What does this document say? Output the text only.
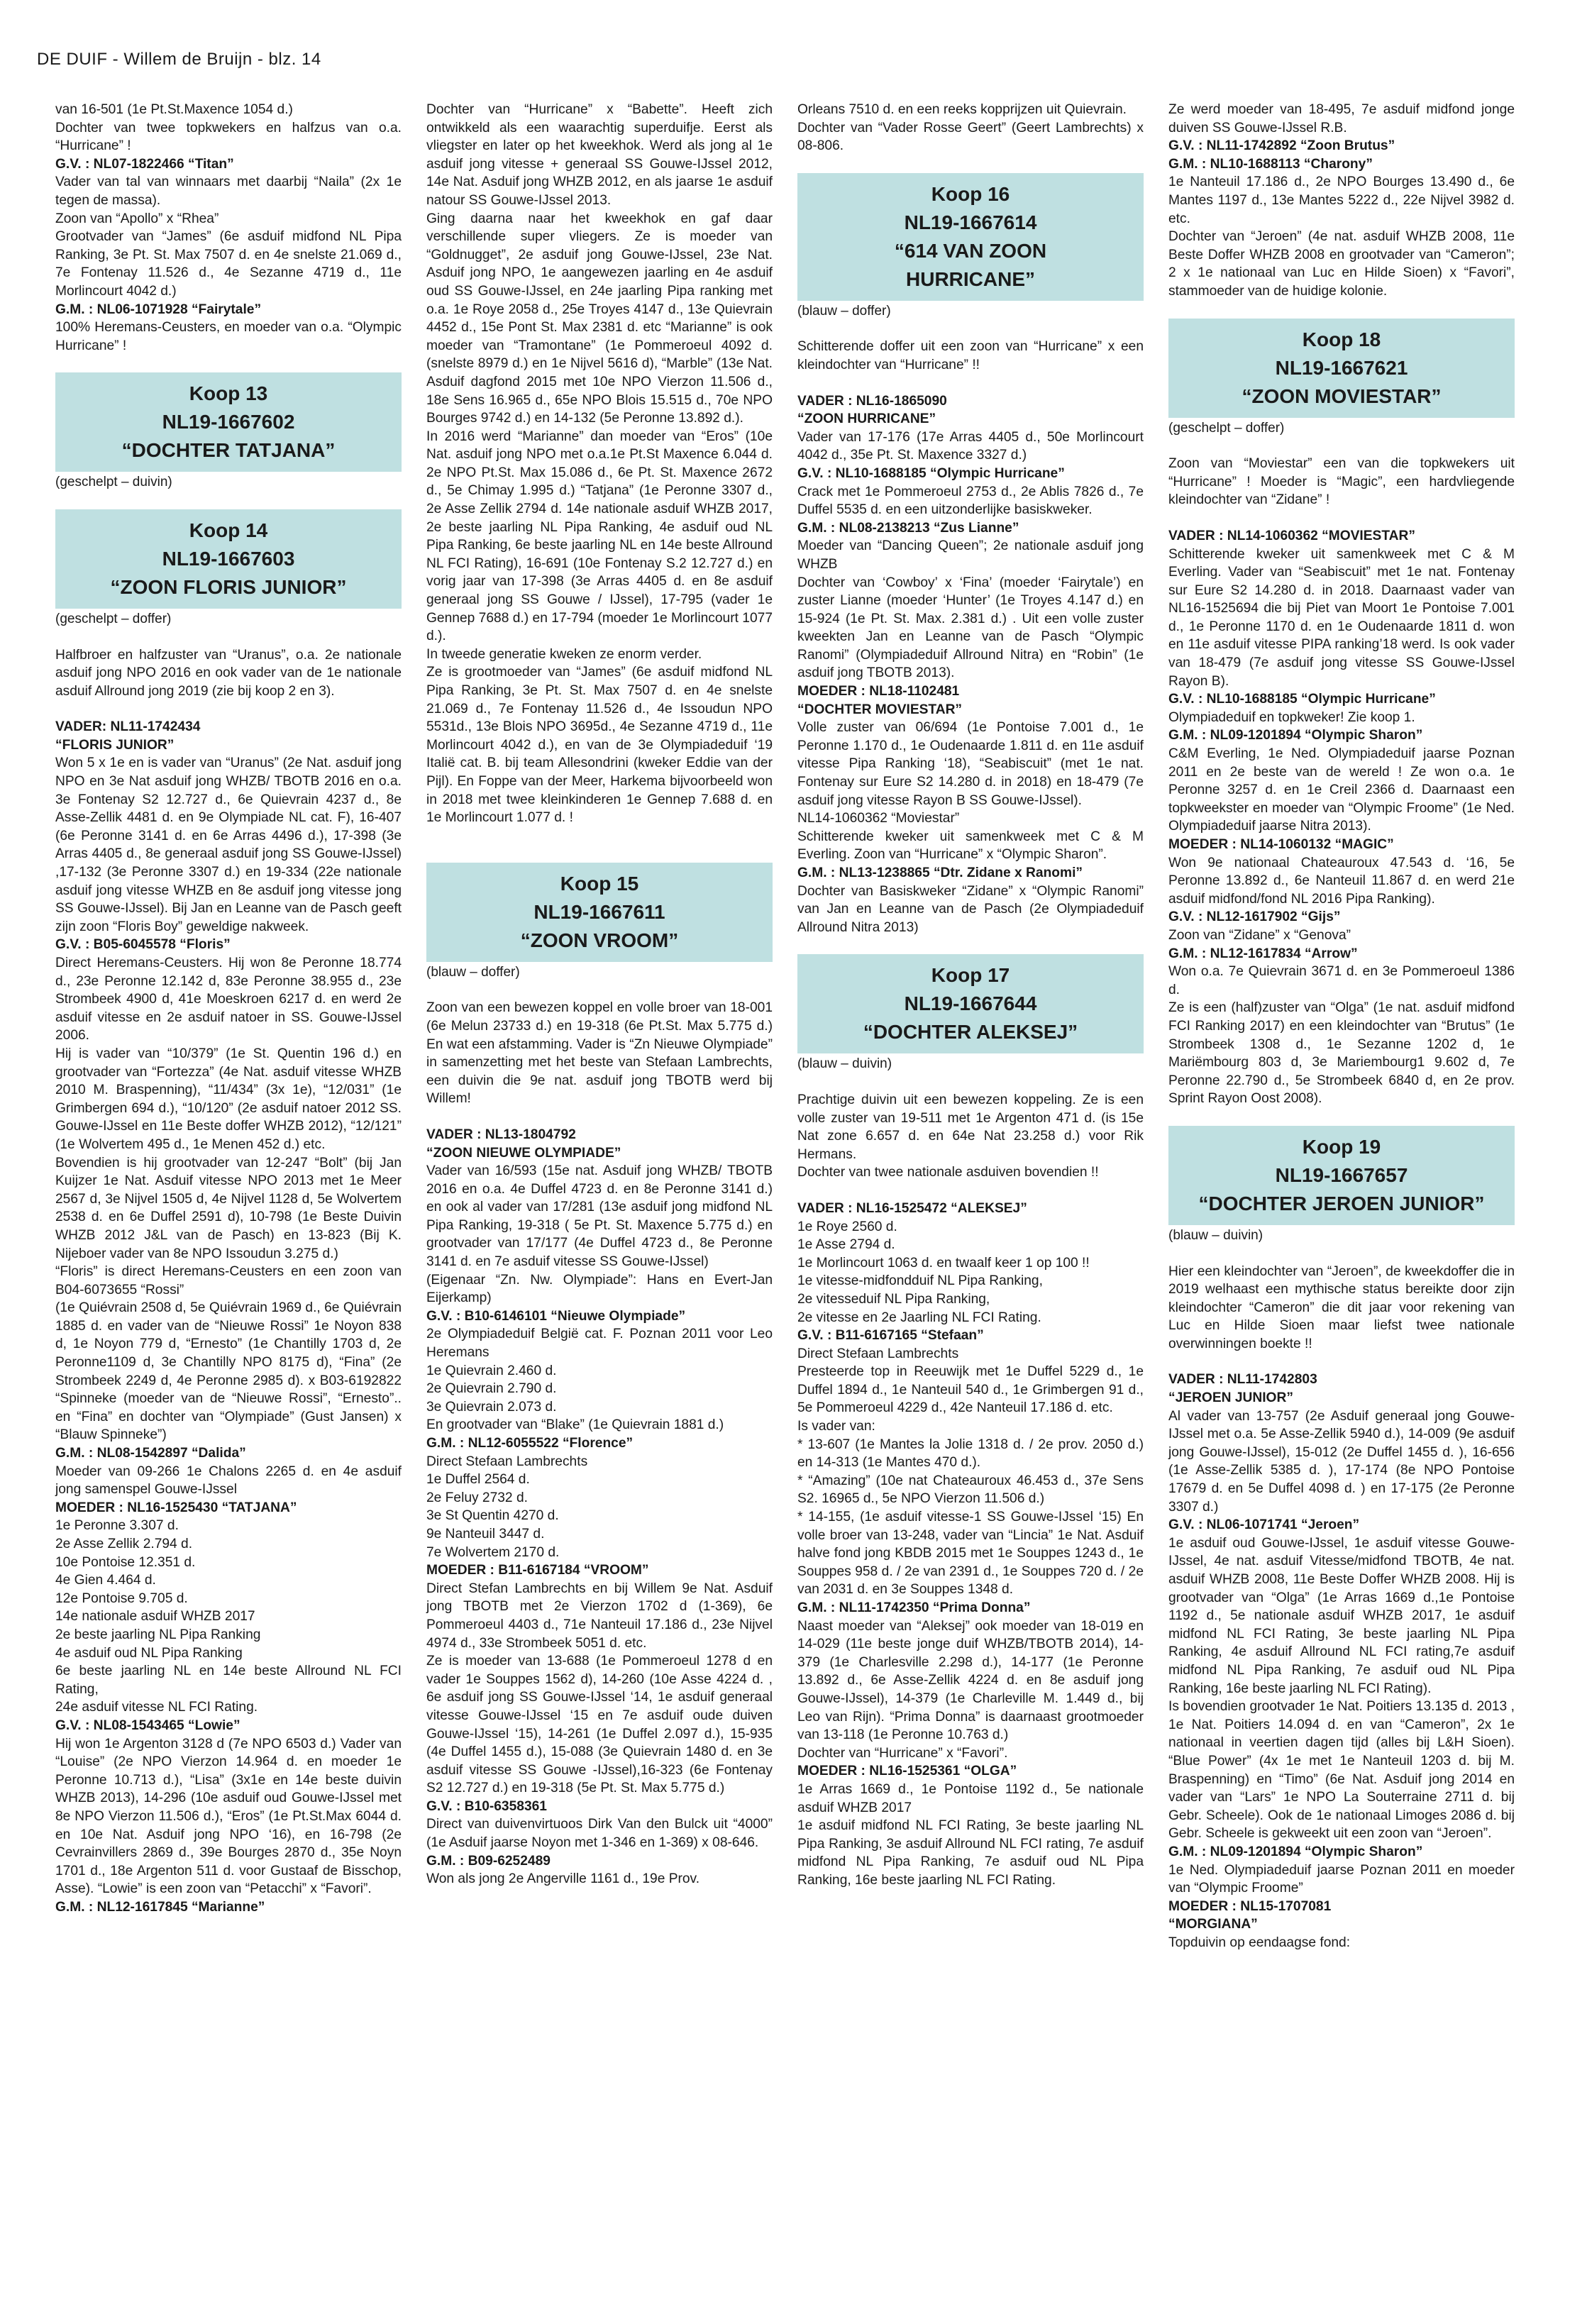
DE DUIF - Willem de Bruijn - blz. 14

van 16-501 (1e Pt.St.Maxence 1054 d.)
Dochter van twee topkwekers en halfzus van o.a. “Hurricane” !

G.V. : NL07-1822466 “Titan”

Vader van tal van winnaars met daarbij “Naila” (2x 1e tegen de massa).
Zoon van “Apollo” x “Rhea”
Grootvader van “James” (6e asduif midfond NL Pipa Ranking, 3e Pt. St. Max 7507 d. en 4e snelste 21.069 d., 7e Fontenay 11.526 d., 4e Sezanne 4719 d., 11e Morlincourt 4042 d.)

G.M. : NL06-1071928 “Fairytale”

100% Heremans-Ceusters, en moeder van o.a. “Olympic Hurricane” !

Koop 13
NL19-1667602
“DOCHTER TATJANA”

(geschelpt – duivin)

Koop 14
NL19-1667603
“ZOON FLORIS JUNIOR”

(geschelpt – doffer)

Halfbroer en halfzuster van “Uranus”, o.a. 2e nationale asduif jong NPO 2016 en ook vader van de 1e nationale asduif Allround jong 2019 (zie bij koop 2 en 3).

VADER: NL11-1742434
“FLORIS JUNIOR”

Won 5 x 1e en is vader van “Uranus” (2e Nat. asduif jong NPO en 3e Nat asduif jong WHZB/ TBOTB 2016 en o.a. 3e Fontenay S2 12.727 d., 6e Quievrain 4237 d., 8e Asse-Zellik 4481 d. en 9e Olympiade NL cat. F), 16-407 (6e Peronne 3141 d. en 6e Arras 4496 d.), 17-398 (3e Arras 4405 d., 8e generaal asduif jong SS Gouwe-IJssel) ,17-132 (3e Peronne 3307 d.) en 19-334 (22e nationale asduif jong vitesse WHZB en 8e asduif jong vitesse jong SS Gouwe-IJssel). Bij Jan en Leanne van de Pasch geeft zijn zoon “Floris Boy” geweldige nakweek.

G.V. : B05-6045578 “Floris”

Direct Heremans-Ceusters. Hij won 8e Peronne 18.774 d., 23e Peronne 12.142 d, 83e Peronne 38.955 d., 23e Strombeek 4900 d, 41e Moeskroen 6217 d. en werd 2e asduif vitesse en 2e asduif natoer in SS. Gouwe-IJssel 2006.
Hij is vader van “10/379” (1e St. Quentin 196 d.) en grootvader van “Fortezza” (4e Nat. asduif vitesse WHZB 2010 M. Braspenning), “11/434” (3x 1e), “12/031” (1e Grimbergen 694 d.), “10/120” (2e asduif natoer 2012 SS. Gouwe-IJssel en 11e Beste doffer WHZB 2012), “12/121” (1e Wolvertem 495 d., 1e Menen 452 d.) etc.
Bovendien is hij grootvader van 12-247 “Bolt” (bij Jan Kuijzer 1e Nat. Asduif vitesse NPO 2013 met 1e Meer 2567 d, 3e Nijvel 1505 d, 4e Nijvel 1128 d, 5e Wolvertem 2538 d. en 6e Duffel 2591 d), 10-798 (1e Beste Duivin WHZB 2012 J&L van de Pasch) en 13-823 (Bij K. Nijeboer vader van 8e NPO Issoudun 3.275 d.)
“Floris” is direct Heremans-Ceusters en een zoon van B04-6073655 “Rossi”
(1e Quiévrain 2508 d, 5e Quiévrain 1969 d., 6e Quiévrain 1885 d. en vader van de “Nieuwe Rossi” 1e Noyon 838 d, 1e Noyon 779 d, “Ernesto” (1e Chantilly 1703 d, 2e Peronne1109 d, 3e Chantilly NPO 8175 d), “Fina” (2e Strombeek 2249 d, 4e Peronne 2985 d). x B03-6192822 “Spinneke (moeder van de “Nieuwe Rossi”, “Ernesto”.. en “Fina” en dochter van “Olympiade” (Gust Jansen) x “Blauw Spinneke”)

G.M. : NL08-1542897 “Dalida”

Moeder van 09-266 1e Chalons 2265 d. en 4e asduif jong samenspel Gouwe-IJssel

MOEDER : NL16-1525430 “TATJANA”

1e Peronne 3.307 d.
2e Asse Zellik 2.794 d.
10e Pontoise 12.351 d.
4e Gien 4.464 d.
12e Pontoise 9.705 d.
14e nationale asduif WHZB 2017
2e beste jaarling NL Pipa Ranking
4e asduif oud NL Pipa Ranking
6e beste jaarling NL en 14e beste Allround NL FCI Rating,
24e asduif vitesse NL FCI Rating.

G.V. : NL08-1543465 “Lowie”

Hij won 1e Argenton 3128 d (7e NPO 6503 d.) Vader van “Louise” (2e NPO Vierzon 14.964 d. en moeder 1e Peronne 10.713 d.), “Lisa” (3x1e en 14e beste duivin WHZB 2013), 14-296 (10e asduif oud Gouwe-IJssel met 8e NPO Vierzon 11.506 d.), “Eros” (1e Pt.St.Max 6044 d. en 10e Nat. Asduif jong NPO ‘16), en 16-798 (2e Cevrainvillers 2869 d., 39e Bourges 2870 d., 35e Noyn 1701 d., 18e Argenton 511 d. voor Gustaaf de Bisschop, Asse). “Lowie” is een zoon van “Petacchi” x “Favori”.

G.M. : NL12-1617845 “Marianne”

Dochter van “Hurricane” x “Babette”. Heeft zich ontwikkeld als een waarachtig superduifje. Eerst als vliegster en later op het kweekhok. Werd als jong al 1e asduif jong vitesse + generaal SS Gouwe-IJssel 2012, 14e Nat. Asduif jong WHZB 2012, en als jaarse 1e asduif natour SS Gouwe-IJssel 2013.
Ging daarna naar het kweekhok en gaf daar verschillende super vliegers. Ze is moeder van “Goldnugget”, 2e asduif jong Gouwe-IJssel, 23e Nat. Asduif jong NPO, 1e aangewezen jaarling en 4e asduif oud SS Gouwe-IJssel, en 24e jaarling Pipa ranking met o.a. 1e Roye 2058 d., 25e Troyes 4147 d., 13e Quievrain 4452 d., 15e Pont St. Max 2381 d. etc “Marianne” is ook moeder van “Tramontane” (1e Pommeroeul 4092 d. (snelste 8979 d.) en 1e Nijvel 5616 d), “Marble” (13e Nat. Asduif dagfond 2015 met 10e NPO Vierzon 11.506 d., 18e Sens 16.965 d., 65e NPO Blois 15.515 d., 70e NPO Bourges 9742 d.) en 14-132 (5e Peronne 13.892 d.).
In 2016 werd “Marianne” dan moeder van “Eros” (10e Nat. asduif jong NPO met o.a.1e Pt.St Maxence 6.044 d. 2e NPO Pt.St. Max 15.086 d., 6e Pt. St. Maxence 2672 d., 5e Chimay 1.995 d.) “Tatjana” (1e Peronne 3307 d., 2e Asse Zellik 2794 d. 14e nationale asduif WHZB 2017, 2e beste jaarling NL Pipa Ranking, 4e asduif oud NL Pipa Ranking, 6e beste jaarling NL en 14e beste Allround NL FCI Rating), 16-691 (10e Fontenay S.2 12.727 d.) en vorig jaar van 17-398 (3e Arras 4405 d. en 8e asduif generaal jong SS Gouwe / IJssel), 17-795 (vader 1e Gennep 7688 d.) en 17-794 (moeder 1e Morlincourt 1077 d.).
In tweede generatie kweken ze enorm verder.
Ze is grootmoeder van “James” (6e asduif midfond NL Pipa Ranking, 3e Pt. St. Max 7507 d. en 4e snelste 21.069 d., 7e Fontenay 11.526 d., 4e Issoudun NPO 5531d., 13e Blois NPO 3695d., 4e Sezanne 4719 d., 11e Morlincourt 4042 d.), en van de 3e Olympiadeduif ‘19 Italië cat. B. bij team Allesondrini (kweker Eddie van der Pijl). En Foppe van der Meer, Harkema bijvoorbeeld won in 2018 met twee kleinkinderen 1e Gennep 7.688 d. en 1e Morlincourt 1.077 d. !

Koop 15
NL19-1667611
“ZOON VROOM”

(blauw – doffer)

Zoon van een bewezen koppel en volle broer van 18-001 (6e Melun 23733 d.) en 19-318 (6e Pt.St. Max 5.775 d.) En wat een afstamming. Vader is “Zn Nieuwe Olympiade” in samenzetting met het beste van Stefaan Lambrechts, een duivin die 9e nat. asduif jong TBOTB werd bij Willem!

VADER : NL13-1804792
“ZOON NIEUWE OLYMPIADE”

Vader van 16/593 (15e nat. Asduif jong WHZB/ TBOTB 2016 en o.a. 4e Duffel 4723 d. en 8e Peronne 3141 d.) en ook al vader van 17/281 (13e asduif jong midfond NL Pipa Ranking, 19-318 ( 5e Pt. St. Maxence 5.775 d.) en grootvader van 17/177 (4e Duffel 4723 d., 8e Peronne 3141 d. en 7e asduif vitesse SS Gouwe-IJssel)
(Eigenaar “Zn. Nw. Olympiade”: Hans en Evert-Jan Eijerkamp)

G.V. : B10-6146101 “Nieuwe Olympiade”

2e Olympiadeduif België cat. F. Poznan 2011 voor Leo Heremans
1e Quievrain 2.460 d.
2e Quievrain 2.790 d.
3e Quievrain 2.073 d.
En grootvader van “Blake” (1e Quievrain 1881 d.)

G.M. : NL12-6055522 “Florence”

Direct Stefaan Lambrechts
1e Duffel 2564 d.
2e Feluy 2732 d.
3e St Quentin 4270 d.
9e Nanteuil 3447 d.
7e Wolvertem 2170 d.

MOEDER : B11-6167184 “VROOM”

Direct Stefan Lambrechts en bij Willem 9e Nat. Asduif jong TBOTB met 2e Vierzon 1702 d (1-369), 6e Pommeroeul 4403 d., 71e Nanteuil 17.186 d., 23e Nijvel 4974 d., 33e Strombeek 5051 d. etc.
Ze is moeder van 13-688 (1e Pommeroeul 1278 d en vader 1e Souppes 1562 d), 14-260 (10e Asse 4224 d. , 6e asduif jong SS Gouwe-IJssel ‘14, 1e asduif generaal vitesse Gouwe-IJssel ‘15 en 7e asduif oude duiven Gouwe-IJssel ‘15), 14-261 (1e Duffel 2.097 d.), 15-935 (4e Duffel 1455 d.), 15-088 (3e Quievrain 1480 d. en 3e asduif vitesse SS Gouwe -IJssel),16-323 (6e Fontenay S2 12.727 d.) en 19-318 (5e Pt. St. Max 5.775 d.)

G.V. : B10-6358361

Direct van duivenvirtuoos Dirk Van den Bulck uit “4000” (1e Asduif jaarse Noyon met 1-346 en 1-369) x 08-646.

G.M. : B09-6252489

Won als jong 2e Angerville 1161 d., 19e Prov.

Orleans 7510 d. en een reeks kopprijzen uit Quievrain.
Dochter van “Vader Rosse Geert” (Geert Lambrechts) x 08-806.

Koop 16
NL19-1667614
“614 VAN ZOON
HURRICANE”

(blauw – doffer)

Schitterende doffer uit een zoon van “Hurricane” x een kleindochter van “Hurricane” !!

VADER : NL16-1865090
“ZOON HURRICANE”

Vader van 17-176 (17e Arras 4405 d., 50e Morlincourt 4042 d., 35e Pt. St. Maxence 3327 d.)

G.V. : NL10-1688185 “Olympic Hurricane”

Crack met 1e Pommeroeul 2753 d., 2e Ablis 7826 d., 7e Duffel 5535 d. en een uitzonderlijke basiskweker.

G.M. : NL08-2138213 “Zus Lianne”

Moeder van “Dancing Queen”; 2e nationale asduif jong WHZB
Dochter van ‘Cowboy’ x ‘Fina’ (moeder ‘Fairytale’) en zuster Lianne (moeder ‘Hunter’ (1e Troyes 4.147 d.) en 15-924 (1e Pt. St. Max. 2.381 d.) . Uit een volle zuster kweekten Jan en Leanne van de Pasch “Olympic Ranomi” (Olympiadeduif Allround Nitra) en “Robin” (1e asduif jong TBOTB 2013).

MOEDER : NL18-1102481
“DOCHTER MOVIESTAR”

Volle zuster van 06/694 (1e Pontoise 7.001 d., 1e Peronne 1.170 d., 1e Oudenaarde 1.811 d. en 11e asduif vitesse Pipa Ranking ‘18), “Seabiscuit” (met 1e nat. Fontenay sur Eure S2 14.280 d. in 2018) en 18-479 (7e asduif jong vitesse Rayon B SS Gouwe-IJssel).
NL14-1060362 “Moviestar”
Schitterende kweker uit samenkweek met C & M Everling. Zoon van “Hurricane” x “Olympic Sharon”.

G.M. : NL13-1238865 “Dtr. Zidane x Ranomi”

Dochter van Basiskweker “Zidane” x “Olympic Ranomi” van Jan en Leanne van de Pasch (2e Olympiadeduif Allround Nitra 2013)

Koop 17
NL19-1667644
“DOCHTER ALEKSEJ”

(blauw – duivin)

Prachtige duivin uit een bewezen koppeling. Ze is een volle zuster van 19-511 met 1e Argenton 471 d. (is 15e Nat zone 6.657 d. en 64e Nat 23.258 d.) voor Rik Hermans.
Dochter van twee nationale asduiven bovendien !!

VADER : NL16-1525472 “ALEKSEJ”

1e Roye 2560 d.
1e Asse 2794 d.
1e Morlincourt 1063 d. en twaalf keer 1 op 100 !!
1e vitesse-midfondduif NL Pipa Ranking,
2e vitesseduif NL Pipa Ranking,
2e vitesse en 2e Jaarling NL FCI Rating.

G.V. : B11-6167165 “Stefaan”

Direct Stefaan Lambrechts
Presteerde top in Reeuwijk met 1e Duffel 5229 d., 1e Duffel 1894 d., 1e Nanteuil 540 d., 1e Grimbergen 91 d., 5e Pommeroeul 4229 d., 42e Nanteuil 17.186 d. etc.
Is vader van:
* 13-607 (1e Mantes la Jolie 1318 d. / 2e prov. 2050 d.) en 14-313 (1e Mantes 470 d.).
* “Amazing” (10e nat Chateauroux 46.453 d., 37e Sens S2. 16965 d., 5e NPO Vierzon 11.506 d.)
* 14-155, (1e asduif vitesse-1 SS Gouwe-IJssel ‘15) En volle broer van 13-248, vader van “Lincia” 1e Nat. Asduif halve fond jong KBDB 2015 met 1e Souppes 1243 d., 1e Souppes 958 d. / 2e van 2391 d., 1e Souppes 720 d. / 2e van 2031 d. en 3e Souppes 1348 d.

G.M. : NL11-1742350 “Prima Donna”

Naast moeder van “Aleksej” ook moeder van 18-019 en 14-029 (11e beste jonge duif WHZB/TBOTB 2014), 14-379 (1e Charlesville 2.298 d.), 14-177 (1e Peronne 13.892 d., 6e Asse-Zellik 4224 d. en 8e asduif jong Gouwe-IJssel), 14-379 (1e Charleville M. 1.449 d., bij Leo van Rijn). “Prima Donna” is daarnaast grootmoeder van 13-118 (1e Peronne 10.763 d.)
Dochter van “Hurricane” x “Favori”.

MOEDER : NL16-1525361 “OLGA”

1e Arras 1669 d., 1e Pontoise 1192 d., 5e nationale asduif WHZB 2017
1e asduif midfond NL FCI Rating, 3e beste jaarling NL Pipa Ranking, 3e asduif Allround NL FCI rating, 7e asduif midfond NL Pipa Ranking, 7e asduif oud NL Pipa Ranking, 16e beste jaarling NL FCI Rating.

Ze werd moeder van 18-495, 7e asduif midfond jonge duiven SS Gouwe-IJssel R.B.

G.V. : NL11-1742892 “Zoon Brutus”

G.M. : NL10-1688113 “Charony”

1e Nanteuil 17.186 d., 2e NPO Bourges 13.490 d., 6e Mantes 1197 d., 13e Mantes 5222 d., 22e Nijvel 3982 d. etc.
Dochter van “Jeroen” (4e nat. asduif WHZB 2008, 11e Beste Doffer WHZB 2008 en grootvader van “Cameron”; 2 x 1e nationaal van Luc en Hilde Sioen) x “Favori”, stammoeder van de huidige kolonie.

Koop 18
NL19-1667621
“ZOON MOVIESTAR”

(geschelpt – doffer)

Zoon van “Moviestar” een van die topkwekers uit “Hurricane” ! Moeder is “Magic”, een hardvliegende kleindochter van “Zidane” !

VADER : NL14-1060362 “MOVIESTAR”

Schitterende kweker uit samenkweek met C & M Everling. Vader van “Seabiscuit” met 1e nat. Fontenay sur Eure S2 14.280 d. in 2018. Daarnaast vader van NL16-1525694 die bij Piet van Moort 1e Pontoise 7.001 d., 1e Peronne 1170 d. en 1e Oudenaarde 1811 d. won en 11e asduif vitesse PIPA ranking’18 werd. Is ook vader van 18-479 (7e asduif jong vitesse SS Gouwe-IJssel Rayon B).

G.V. : NL10-1688185 “Olympic Hurricane”

Olympiadeduif en topkweker! Zie koop 1.

G.M. : NL09-1201894 “Olympic Sharon”

C&M Everling, 1e Ned. Olympiadeduif jaarse Poznan 2011 en 2e beste van de wereld ! Ze won o.a. 1e Peronne 3257 d. en 1e Creil 2366 d. Daarnaast een topkweekster en moeder van “Olympic Froome” (1e Ned. Olympiadeduif jaarse Nitra 2013).

MOEDER : NL14-1060132 “MAGIC”

Won 9e nationaal Chateauroux 47.543 d. ‘16, 5e Peronne 13.892 d., 6e Nanteuil 11.867 d. en werd 21e asduif midfond/fond NL 2016 Pipa Ranking).

G.V. : NL12-1617902 “Gijs”

Zoon van “Zidane” x “Genova”

G.M. : NL12-1617834 “Arrow”

Won o.a. 7e Quievrain 3671 d. en 3e Pommeroeul 1386 d.
Ze is een (half)zuster van “Olga” (1e nat. asduif midfond FCI Ranking 2017) en een kleindochter van “Brutus” (1e Strombeek 1308 d., 1e Sezanne 1202 d, 1e Mariëmbourg 803 d, 3e Mariembourg1 9.602 d, 7e Peronne 22.790 d., 5e Strombeek 6840 d, en 2e prov. Sprint Rayon Oost 2008).

Koop 19
NL19-1667657
“DOCHTER JEROEN JUNIOR”

(blauw – duivin)

Hier een kleindochter van “Jeroen”, de kweekdoffer die in 2019 welhaast een mythische status bereikte door zijn kleindochter “Cameron” die dit jaar voor rekening van Luc en Hilde Sioen maar liefst twee nationale overwinningen boekte !!

VADER : NL11-1742803
“JEROEN JUNIOR”

Al vader van 13-757 (2e Asduif generaal jong Gouwe-IJssel met o.a. 5e Asse-Zellik 5940 d.), 14-009 (9e asduif jong Gouwe-IJssel), 15-012 (2e Duffel 1455 d. ), 16-656 (1e Asse-Zellik 5385 d. ), 17-174 (8e NPO Pontoise 17679 d. en 5e Duffel 4098 d. ) en 17-175 (2e Peronne 3307 d.)

G.V. : NL06-1071741 “Jeroen”

1e asduif oud Gouwe-IJssel, 1e asduif vitesse Gouwe-IJssel, 4e nat. asduif Vitesse/midfond TBOTB, 4e nat. asduif WHZB 2008, 11e Beste Doffer WHZB 2008. Hij is grootvader van “Olga” (1e Arras 1669 d.,1e Pontoise 1192 d., 5e nationale asduif WHZB 2017, 1e asduif midfond NL FCI Rating, 3e beste jaarling NL Pipa Ranking, 4e asduif Allround NL FCI rating,7e asduif midfond NL Pipa Ranking, 7e asduif oud NL Pipa Ranking, 16e beste jaarling NL FCI Rating).
Is bovendien grootvader 1e Nat. Poitiers 13.135 d. 2013 , 1e Nat. Poitiers 14.094 d. en van “Cameron”, 2x 1e nationaal in veertien dagen tijd (alles bij L&H Sioen). “Blue Power” (4x 1e met 1e Nanteuil 1203 d. bij M. Braspenning) en “Timo” (6e Nat. Asduif jong 2014 en vader van “Lars” 1e NPO La Souterraine 2711 d. bij Gebr. Scheele). Ook de 1e nationaal Limoges 2086 d. bij Gebr. Scheele is gekweekt uit een zoon van “Jeroen”.

G.M. : NL09-1201894 “Olympic Sharon”

1e Ned. Olympiadeduif jaarse Poznan 2011 en moeder van “Olympic Froome”

MOEDER : NL15-1707081
“MORGIANA”

Topduivin op eendaagse fond:
